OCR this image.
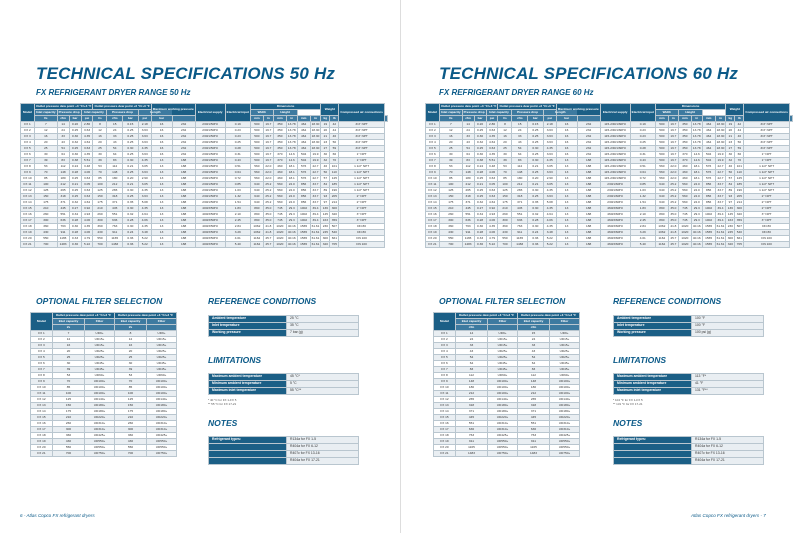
TECHNICAL SPECIFICATIONS 50 Hz
FX REFRIGERANT DRYER RANGE 50 Hz
Model	Outlet pressure dew point +3 °C/+3 °F				Outlet pressure dew point +3 °C/+3 °F				Maximum working pressure		Electrical supply	Electrical input	Dimensions						Weight		Compressed air connections	
	Inlet capacity	Pressure drop		Inlet capacity		Pressure drop		Length					Width		Height							
	l/s	cfm	bar	psi	l/s	cfm	bar	psi	bar				mm	in	mm	in	mm	in	kg	lb		
FX 1	7	14	0.20	2.86	8	15	0.15	2.18	16	232	230/1/50Hz	0.19	500	19.7	350	13.78	464	18.30	19	42	3/4" NPT	
FX 2	12	24	0.25	3.63	12	24	0.25	3.63	16	232	230/1/50Hz	0.23	500	19.7	350	13.78	464	18.30	20	44	3/4" NPT	
FX 3	16	33	0.30	4.35	16	33	0.25	3.63	16	232	230/1/50Hz	0.23	500	19.7	350	13.78	464	18.30	21	46	3/4" NPT	
FX 4	20	43	0.32	4.64	20	43	0.25	3.63	16	232	230/1/50Hz	0.25	500	19.7	350	13.78	464	18.30	23	50	3/4" NPT	
FX 5	25	54	0.25	3.63	25	54	0.30	4.35	16	232	230/1/50Hz	0.28	500	19.7	350	13.78	464	18.30	27	59	3/4" NPT	
FX 6	30	64	0.30	4.35	30	64	0.25	3.63	16	232	230/1/50Hz	0.31	500	19.7	370	14.6	504	19.9	30	66	1" NPT	
FX 7	39	83	0.38	5.51	39	83	0.30	4.35	13	188	230/1/50Hz	0.43	500	19.7	370	14.6	504	19.9	32	70	1" NPT	
FX 8	53	112	0.24	3.48	53	112	0.21	3.05	13	188	230/1/50Hz	0.51	560	22.0	460	18.1	576	22.7	46	101	1 1/2" NPT	
FX 9	70	148	0.28	4.06	70	148	0.25	3.63	13	188	230/1/50Hz	0.64	560	22.0	460	18.1	576	22.7	50	110	1 1/2" NPT	
FX 10	85	180	0.25	3.63	85	180	0.20	2.90	13	188	230/1/50Hz	0.72	560	22.0	460	18.1	576	22.7	57	125	1 1/2" NPT	
FX 11	100	212	0.21	3.05	100	212	0.21	3.05	13	188	230/1/50Hz	0.85	640	25.2	560	22.0	856	33.7	84	185	1 1/2" NPT	
FX 12	125	265	0.25	3.63	125	265	0.30	4.35	13	188	230/1/50Hz	1.03	640	25.2	560	22.0	856	33.7	89	196	1 1/2" NPT	
FX 13	150	318	0.25	3.63	150	318	0.25	3.63	13	188	230/1/50Hz	1.32	640	25.2	560	22.0	856	33.7	93	205	2" NPT	
FX 14	175	371	0.32	4.64	175	371	0.35	5.08	13	188	230/1/50Hz	1.54	640	25.2	560	22.0	856	33.7	97	214	2" NPT	
FX 15	210	445	0.27	3.92	210	445	0.30	4.35	13	188	400/3/50Hz	1.83	890	35.0	745	29.3	1002	39.4	136	300	2" NPT	
FX 16	260	551	0.34	4.93	260	551	0.32	4.64	13	188	400/3/50Hz	2.10	890	35.0	745	29.3	1002	39.4	145	320	3" NPT	
FX 17	300	636	0.28	4.06	300	636	0.28	4.06	13	188	400/3/50Hz	2.45	890	35.0	745	29.3	1002	39.4	163	359	3" NPT	
FX 18	360	763	0.30	4.35	360	763	0.30	4.35	13	188	400/3/50Hz	2.84	1062	41.8	1020	40.16	1565	61.61	230	507	DN 80	
FX 19	430	911	0.28	4.06	430	911	0.24	3.48	13	188	400/3/50Hz	3.29	1062	41.8	1020	40.16	1565	61.61	245	540	DN 80	
FX 20	550	1165	0.33	4.79	550	1165	0.36	5.22	13	188	400/3/50Hz	4.01	1162	45.7	1020	40.16	1565	61.61	300	661	DN 100	
FX 21	700	1483	0.36	5.22	700	1483	0.36	5.22	13	188	400/3/50Hz	5.40	1162	45.7	1020	40.16	1565	61.61	320	705	DN 100	
OPTIONAL FILTER SELECTION
Model	Outlet pressure dew point +3 °C/+3 °F		Outlet pressure dew point +3 °C/+3 °F	
	Inlet capacity	Filter	Inlet capacity	Filter
	l/s		l/s	
FX 1	7	UD9+	8	UD9+
FX 2	12	UD15+	12	UD15+
FX 3	16	UD15+	16	UD15+
FX 4	20	UD25+	20	UD25+
FX 5	25	UD25+	25	UD25+
FX 6	30	UD45+	30	UD45+
FX 7	39	UD45+	39	UD45+
FX 8	53	UD60+	53	UD60+
FX 9	70	UD100+	70	UD100+
FX 10	85	UD100+	85	UD100+
FX 11	100	UD100+	100	UD100+
FX 12	125	UD140+	125	UD140+
FX 13	150	UD180+	150	UD180+
FX 14	175	UD180+	175	UD180+
FX 15	210	UD220+	210	UD220+
FX 16	260	UD310+	260	UD310+
FX 17	300	UD310+	300	UD310+
FX 18	360	UD425+	360	UD425+
FX 19	430	UD550+	430	UD550+
FX 20	550	UD550+	550	UD550+
FX 21	700	UD750+	700	UD750+
REFERENCE CONDITIONS
Ambient temperature	25 °C
Inlet temperature	35 °C
Working pressure	7 bar (g)
LIMITATIONS
Maximum ambient temperature	45 °C*
Minimum ambient temperature	5 °C
Maximum inlet temperature	55 °C**
NOTES
Refrigerant types:	R134a for FX 1-5
	R404a for FX 6-12
	R407c for FX 13-16
	R404a for FX 17-21
* 40 °C for FX 1-FX 5
** 55 °C for FX 17-21
6 - Atlas Copco FX refrigerant dryers
TECHNICAL SPECIFICATIONS 60 Hz
FX REFRIGERANT DRYER RANGE 60 Hz
Model	Outlet pressure dew point +3 °C/+3 °F				Outlet pressure dew point +3 °C/+3 °F				Maximum working pressure		Electrical supply	Electrical input	Dimensions						Weight		Compressed air connections	
	Inlet capacity	Pressure drop		Inlet capacity		Pressure drop		Length					Width		Height							
	l/s	cfm	bar	psi	l/s	cfm	bar	psi	bar				mm	in	mm	in	mm	in	kg	lb		
FX 1	7	14	0.20	2.86	8	15	0.15	2.18	16	232	115-230/1/60Hz	0.19	500	19.7	350	13.78	464	18.30	19	42	3/4" NPT	
FX 2	12	24	0.25	3.63	12	24	0.25	3.63	16	232	115-230/1/60Hz	0.23	500	19.7	350	13.78	464	18.30	20	44	3/4" NPT	
FX 3	16	33	0.30	4.35	16	33	0.25	3.63	16	232	115-230/1/60Hz	0.23	500	19.7	350	13.78	464	18.30	21	46	3/4" NPT	
FX 4	20	43	0.32	4.64	20	43	0.25	3.63	16	232	115-230/1/60Hz	0.25	500	19.7	350	13.78	464	18.30	23	50	3/4" NPT	
FX 5	25	54	0.25	3.63	25	54	0.30	4.35	16	232	115-230/1/60Hz	0.28	500	19.7	350	13.78	464	18.30	27	59	3/4" NPT	
FX 6	30	64	0.30	4.35	30	64	0.25	3.63	16	232	115-230/1/60Hz	0.31	500	19.7	370	14.6	504	19.9	30	66	1" NPT	
FX 7	39	83	0.38	5.51	39	83	0.30	4.35	13	188	115-230/1/60Hz	0.43	500	19.7	370	14.6	504	19.9	32	70	1" NPT	
FX 8	53	112	0.24	3.48	53	112	0.21	3.05	13	188	115-230/1/60Hz	0.51	560	22.0	460	18.1	576	22.7	46	101	1 1/2" NPT	
FX 9	70	148	0.28	4.06	70	148	0.25	3.63	13	188	115-230/1/60Hz	0.64	560	22.0	460	18.1	576	22.7	50	110	1 1/2" NPT	
FX 10	85	180	0.25	3.63	85	180	0.20	2.90	13	188	115-230/1/60Hz	0.72	560	22.0	460	18.1	576	22.7	57	125	1 1/2" NPT	
FX 11	100	212	0.21	3.05	100	212	0.21	3.05	13	188	230/1/60Hz	0.85	640	25.2	560	22.0	856	33.7	84	185	1 1/2" NPT	
FX 12	125	265	0.25	3.63	125	265	0.30	4.35	13	188	230/1/60Hz	1.03	640	25.2	560	22.0	856	33.7	89	196	1 1/2" NPT	
FX 13	150	318	0.25	3.63	150	318	0.25	3.63	13	188	230/1/60Hz	1.32	640	25.2	560	22.0	856	33.7	93	205	2" NPT	
FX 14	175	371	0.32	4.64	175	371	0.35	5.08	13	188	230/1/60Hz	1.54	640	25.2	560	22.0	856	33.7	97	214	2" NPT	
FX 15	210	445	0.27	3.92	210	445	0.30	4.35	13	188	460/3/60Hz	1.83	890	35.0	745	29.3	1002	39.4	136	300	2" NPT	
FX 16	260	551	0.34	4.93	260	551	0.32	4.64	13	188	460/3/60Hz	2.10	890	35.0	745	29.3	1002	39.4	145	320	3" NPT	
FX 17	300	636	0.28	4.06	300	636	0.28	4.06	13	188	460/3/60Hz	2.45	890	35.0	745	29.3	1002	39.4	163	359	3" NPT	
FX 18	360	763	0.30	4.35	360	763	0.30	4.35	13	188	460/3/60Hz	2.84	1062	41.8	1020	40.16	1565	61.61	230	507	DN 80	
FX 19	430	911	0.28	4.06	430	911	0.24	3.48	13	188	460/3/60Hz	3.29	1062	41.8	1020	40.16	1565	61.61	245	540	DN 80	
FX 20	550	1165	0.33	4.79	550	1165	0.36	5.22	13	188	460/3/60Hz	4.01	1162	45.7	1020	40.16	1565	61.61	300	661	DN 100	
FX 21	700	1483	0.36	5.22	700	1483	0.36	5.22	13	188	460/3/60Hz	5.40	1162	45.7	1020	40.16	1565	61.61	320	705	DN 100	
OPTIONAL FILTER SELECTION
Model	Outlet pressure dew point +3 °C/+3 °F		Outlet pressure dew point +3 °C/+3 °F	
	Inlet capacity	Filter	Inlet capacity	Filter
	cfm		cfm	
FX 1	14	UD9+	15	UD9+
FX 2	24	UD15+	24	UD15+
FX 3	33	UD15+	33	UD15+
FX 4	43	UD25+	43	UD25+
FX 5	54	UD25+	54	UD25+
FX 6	64	UD45+	64	UD45+
FX 7	83	UD45+	83	UD45+
FX 8	112	UD60+	112	UD60+
FX 9	148	UD100+	148	UD100+
FX 10	180	UD100+	180	UD100+
FX 11	212	UD100+	212	UD100+
FX 12	265	UD140+	265	UD140+
FX 13	318	UD180+	318	UD180+
FX 14	371	UD180+	371	UD180+
FX 15	445	UD220+	445	UD220+
FX 16	551	UD310+	551	UD310+
FX 17	636	UD310+	636	UD310+
FX 18	763	UD425+	763	UD425+
FX 19	911	UD550+	911	UD550+
FX 20	1165	UD550+	1165	UD550+
FX 21	1483	UD750+	1483	UD750+
REFERENCE CONDITIONS
Ambient temperature	100 °F
Inlet temperature	100 °F
Working pressure	100 psi (g)
LIMITATIONS
Maximum ambient temperature	113 °F*
Minimum ambient temperature	41 °F
Maximum inlet temperature	131 °F**
NOTES
Refrigerant types:	R134a for FX 1-5
	R404a for FX 6-12
	R407c for FX 13-16
	R404a for FX 17-21
* 104 °F for FX 1-FX 5
** 131 °F for FX 17-21
Atlas Copco FX refrigerant dryers - 7
